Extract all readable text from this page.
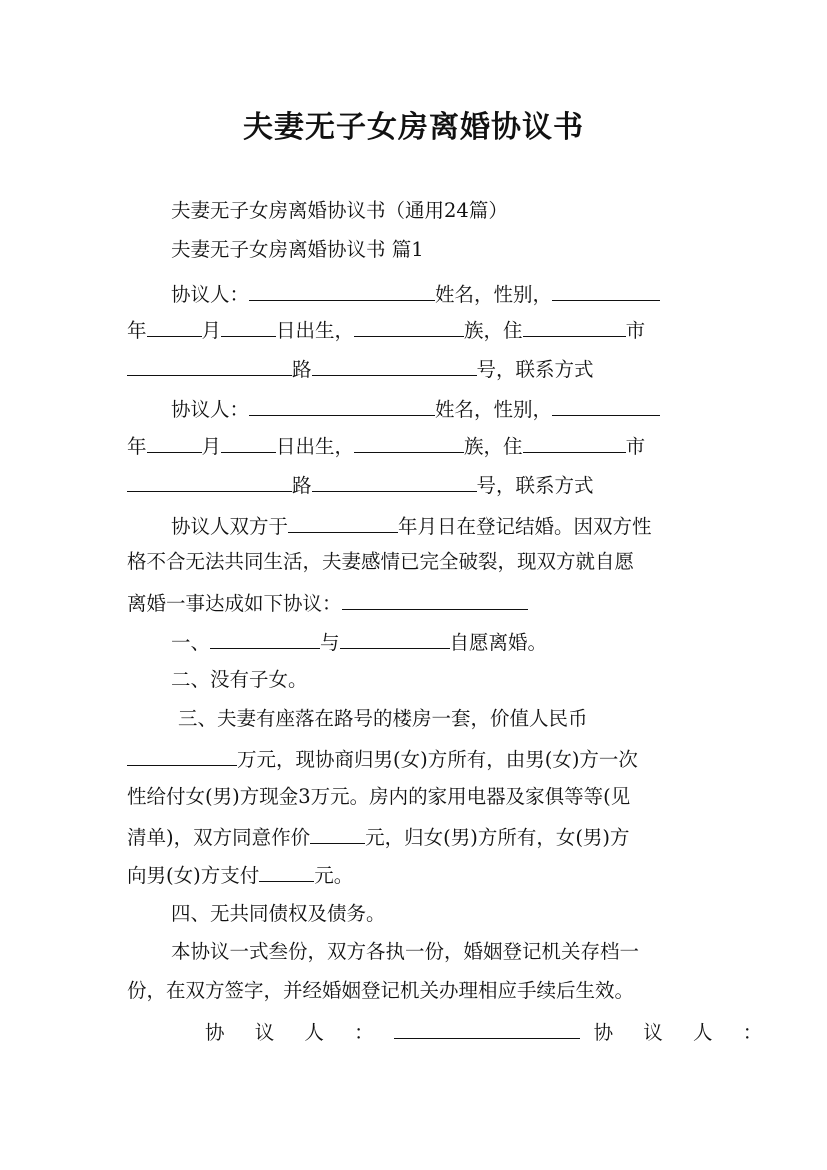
夫妻无子女房离婚协议书
夫妻无子女房离婚协议书（通用24篇）
夫妻无子女房离婚协议书 篇1
协议人：	姓名，性别，
年	月	日出生，	族，住	市
路	号，联系方式
协议人：	姓名，性别，
年	月	日出生，	族，住	市
路	号，联系方式
协议人双方于	年月日在登记结婚。因双方性
格不合无法共同生活，夫妻感情已完全破裂，现双方就自愿
离婚一事达成如下协议：
一、	与	自愿离婚。
二、没有子女。
三、夫妻有座落在路号的楼房一套，价值人民币
万元，现协商归男(女)方所有，由男(女)方一次
性给付女(男)方现金3万元。房内的家用电器及家俱等等(见
清单)，双方同意作价	元，归女(男)方所有，女(男)方
向男(女)方支付	元。
四、无共同债权及债务。
本协议一式叁份，双方各执一份，婚姻登记机关存档一
份，在双方签字，并经婚姻登记机关办理相应手续后生效。
协 议 人 ：	协 议 人 ：
